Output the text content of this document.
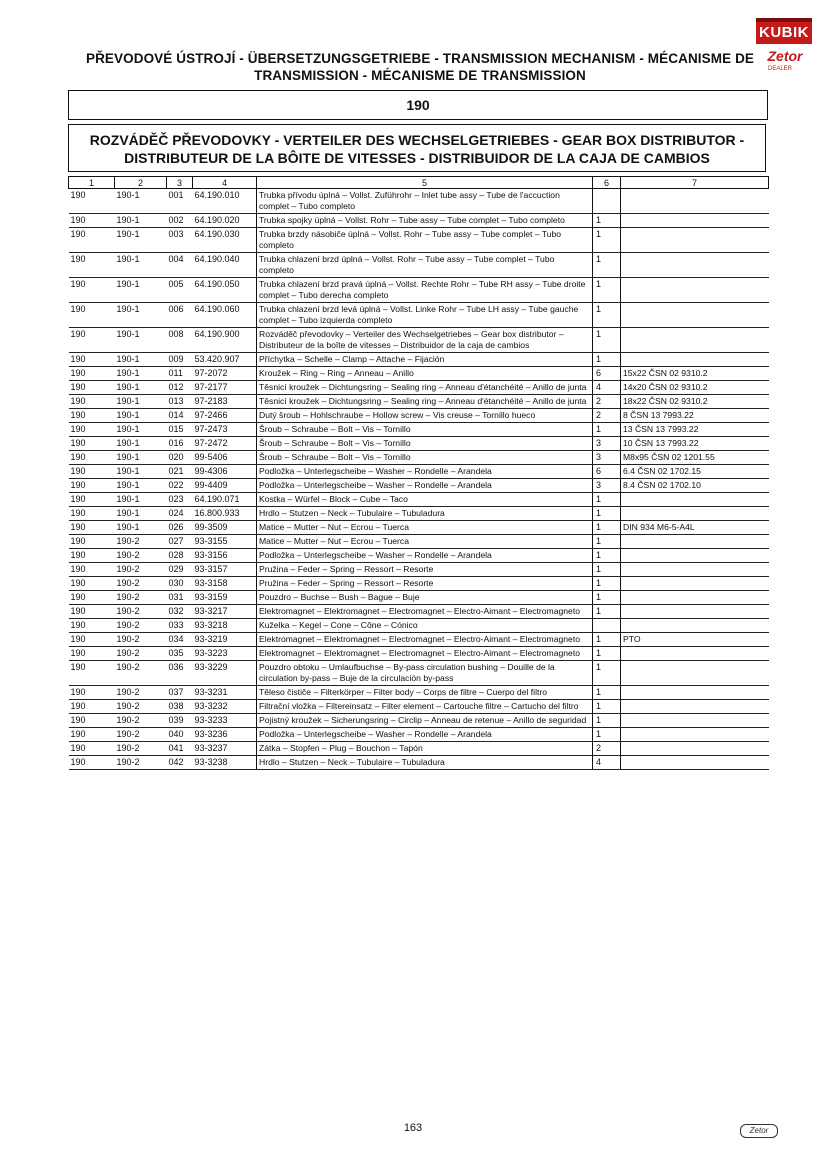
PŘEVODOVÉ ÚSTROJÍ - ÜBERSETZUNGSGETRIEBE - TRANSMISSION MECHANISM - MÉCANISME DE
TRANSMISSION - MÉCANISME DE TRANSMISSION
KUBIK
Zetor
DEALER
190
ROZVÁDĚČ PŘEVODOVKY - VERTEILER DES WECHSELGETRIEBES - GEAR BOX DISTRIBUTOR -
DISTRIBUTEUR DE LA BÔITE DE VITESSES - DISTRIBUIDOR DE LA CAJA DE CAMBIOS
1	2	3	4	5	6	7
190	190-1	001	64.190.010	Trubka přívodu úplná – Vollst. Zuführohr – Inlet tube assy – Tube de l'accuction complet – Tubo completo		
190	190-1	002	64.190.020	Trubka spojky úplná – Vollst. Rohr – Tube assy – Tube complet – Tubo completo	1	
190	190-1	003	64.190.030	Trubka brzdy násobiče úplná – Vollst. Rohr – Tube assy – Tube complet – Tubo completo	1	
190	190-1	004	64.190.040	Trubka chlazení brzd úplná – Vollst. Rohr – Tube assy – Tube complet – Tubo completo	1	
190	190-1	005	64.190.050	Trubka chlazení brzd pravá úplná – Vollst. Rechte Rohr – Tube RH assy – Tube droite complet – Tubo derecha completo	1	
190	190-1	006	64.190.060	Trubka chlazení brzd levá úplná – Vollst. Linke Rohr – Tube LH assy – Tube gauche complet – Tubo izquierda completo	1	
190	190-1	008	64.190.900	Rozváděč převodovky – Verteiler des Wechselgetriebes – Gear box distributor – Distributeur de la boîte de vitesses – Distribuidor de la caja de cambios	1	
190	190-1	009	53.420.907	Příchytka – Schelle – Clamp – Attache – Fijación	1	
190	190-1	011	97-2072	Kroužek – Ring – Ring – Anneau – Anillo	6	15x22 ČSN 02 9310.2
190	190-1	012	97-2177	Těsnicí kroužek – Dichtungsring – Sealing ring – Anneau d'étanchéité – Anillo de junta	4	14x20 ČSN 02 9310.2
190	190-1	013	97-2183	Těsnicí kroužek – Dichtungsring – Sealing ring – Anneau d'étanchéité – Anillo de junta	2	18x22 ČSN 02 9310.2
190	190-1	014	97-2466	Dutý šroub – Hohlschraube – Hollow screw – Vis creuse – Tornillo hueco	2	8 ČSN 13 7993.22
190	190-1	015	97-2473	Šroub – Schraube – Bolt – Vis – Tornillo	1	13 ČSN 13 7993.22
190	190-1	016	97-2472	Šroub – Schraube – Bolt – Vis – Tornillo	3	10 ČSN 13 7993.22
190	190-1	020	99-5406	Šroub – Schraube – Bolt – Vis – Tornillo	3	M8x95 ČSN 02 1201.55
190	190-1	021	99-4306	Podložka – Unterlegscheibe – Washer – Rondelle – Arandela	6	6.4 ČSN 02 1702.15
190	190-1	022	99-4409	Podložka – Unterlegscheibe – Washer – Rondelle – Arandela	3	8.4 ČSN 02 1702.10
190	190-1	023	64.190.071	Kostka – Würfel – Block – Cube – Taco	1	
190	190-1	024	16.800.933	Hrdlo – Stutzen – Neck – Tubulaire – Tubuladura	1	
190	190-1	026	99-3509	Matice – Mutter – Nut – Ecrou – Tuerca	1	DIN 934 M6-5-A4L
190	190-2	027	93-3155	Matice – Mutter – Nut – Ecrou – Tuerca	1	
190	190-2	028	93-3156	Podložka – Unterlegscheibe – Washer – Rondelle – Arandela	1	
190	190-2	029	93-3157	Pružina – Feder – Spring – Ressort – Resorte	1	
190	190-2	030	93-3158	Pružina – Feder – Spring – Ressort – Resorte	1	
190	190-2	031	93-3159	Pouzdro – Buchse – Bush – Bague – Buje	1	
190	190-2	032	93-3217	Elektromagnet – Elektromagnet – Electromagnet – Electro-Aimant – Electromagneto	1	
190	190-2	033	93-3218	Kuželka – Kegel – Cone – Cône – Cónico		
190	190-2	034	93-3219	Elektromagnet – Elektromagnet – Electromagnet – Electro-Aimant – Electromagneto	1	PTO
190	190-2	035	93-3223	Elektromagnet – Elektromagnet – Electromagnet – Electro-Aimant – Electromagneto	1	
190	190-2	036	93-3229	Pouzdro obtoku – Umlaufbuchse – By-pass circulation bushing – Douille de la circulation by-pass – Buje de la circulación by-pass	1	
190	190-2	037	93-3231	Těleso čističe – Filterkörper – Filter body – Corps de filtre – Cuerpo del filtro	1	
190	190-2	038	93-3232	Filtrační vložka – Filtereinsatz – Filter element – Cartouche filtre – Cartucho del filtro	1	
190	190-2	039	93-3233	Pojistný kroužek – Sicherungsring – Circlip – Anneau de retenue – Anillo de seguridad	1	
190	190-2	040	93-3236	Podložka – Unterlegscheibe – Washer – Rondelle – Arandela	1	
190	190-2	041	93-3237	Zátka – Stopfen – Plug – Bouchon – Tapón	2	
190	190-2	042	93-3238	Hrdlo – Stutzen – Neck – Tubulaire – Tubuladura	4	
163	Zetor
